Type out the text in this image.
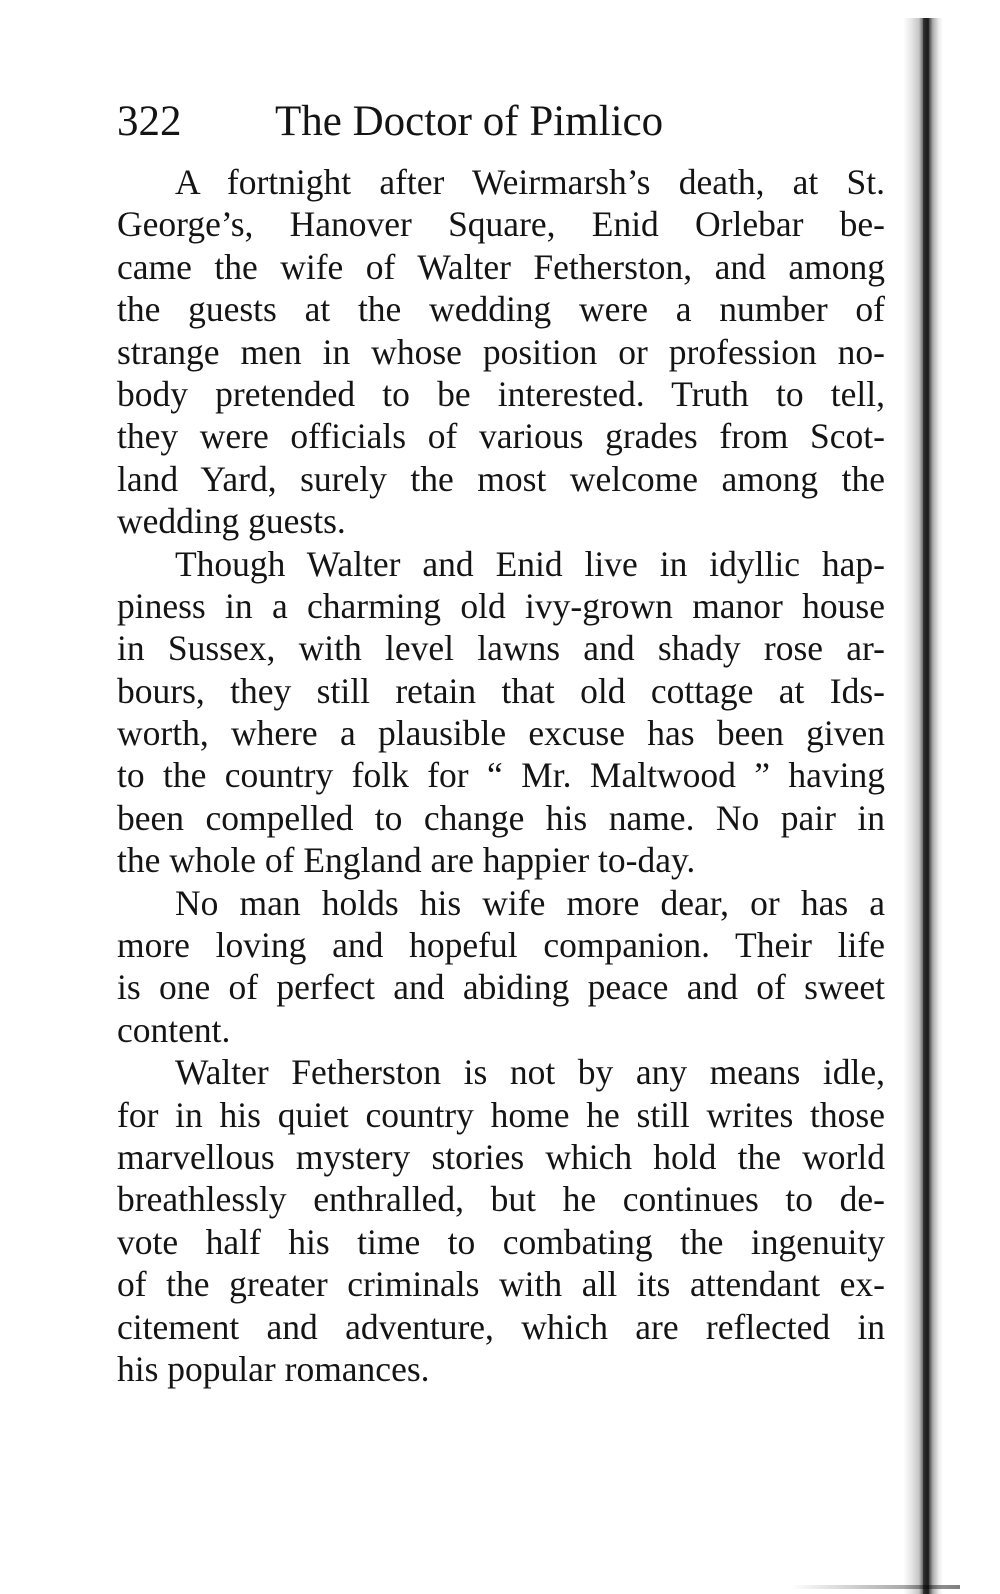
322 The Doctor of Pimlico
A fortnight after Weirmarsh’s death, at St.
George’s, Hanover Square, Enid Orlebar be-
came the wife of Walter Fetherston, and among
the guests at the wedding were a number of
strange men in whose position or profession no-
body pretended to be interested. Truth to tell,
they were officials of various grades from Scot-
land Yard, surely the most welcome among the
wedding guests.
Though Walter and Enid live in idyllic hap-
piness in a charming old ivy-grown manor house
in Sussex, with level lawns and shady rose ar-
bours, they still retain that old cottage at Ids-
worth, where a plausible excuse has been given
to the country folk for “ Mr. Maltwood ” having
been compelled to change his name. No pair in
the whole of England are happier to-day.
No man holds his wife more dear, or has a
more loving and hopeful companion. Their life
is one of perfect and abiding peace and of sweet
content.
Walter Fetherston is not by any means idle,
for in his quiet country home he still writes those
marvellous mystery stories which hold the world
breathlessly enthralled, but he continues to de-
vote half his time to combating the ingenuity
of the greater criminals with all its attendant ex-
citement and adventure, which are reflected in
his popular romances.
